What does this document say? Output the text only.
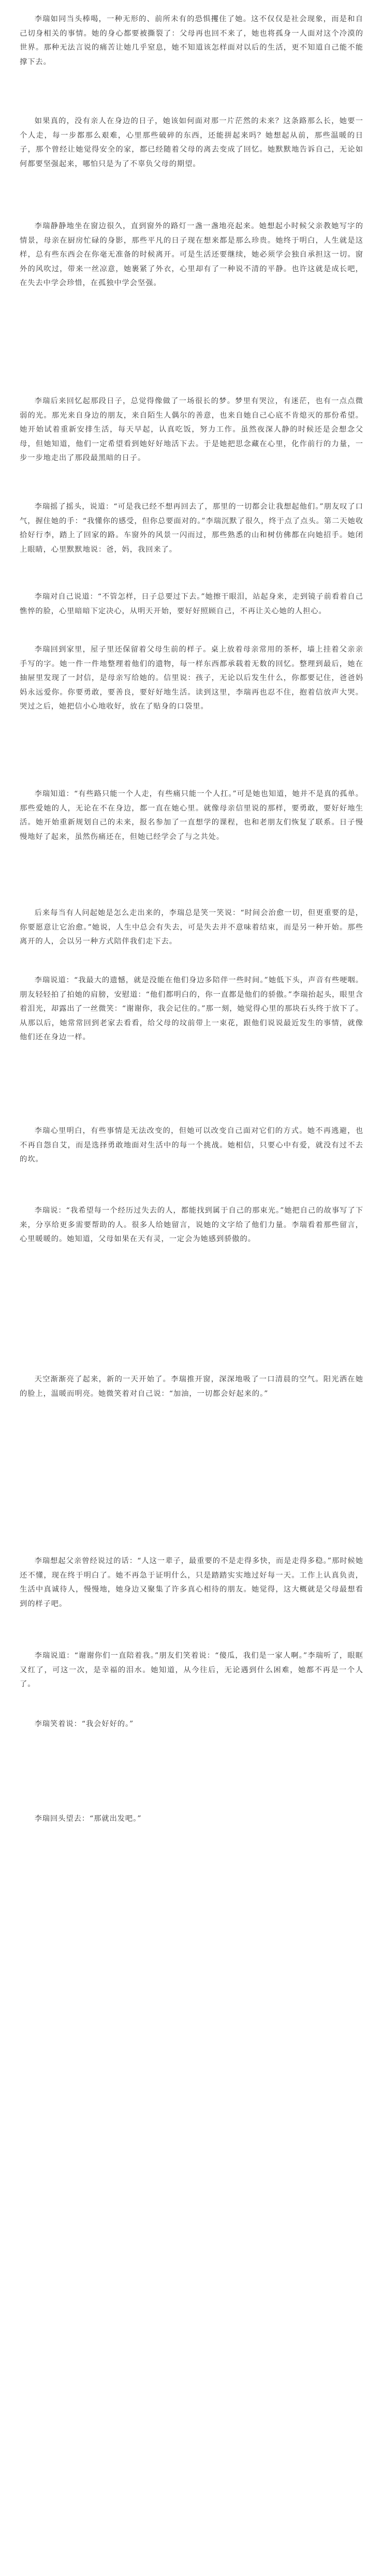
李瑞如同当头棒喝，一种无形的、前所未有的恐惧攫住了她。这不仅仅是社会现象，而是和自己切身相关的事情。她的身心都要被撕裂了：父母再也回不来了，她也将孤身一人面对这个冷漠的世界。那种无法言说的痛苦让她几乎窒息，她不知道该怎样面对以后的生活，更不知道自己能不能撑下去。

如果真的，没有亲人在身边的日子，她该如何面对那一片茫然的未来？这条路那么长，她要一个人走，每一步都那么艰难，心里那些破碎的东西，还能拼起来吗？她想起从前，那些温暖的日子，那个曾经让她觉得安全的家，都已经随着父母的离去变成了回忆。她默默地告诉自己，无论如何都要坚强起来，哪怕只是为了不辜负父母的期望。

李瑞静静地坐在窗边很久，直到窗外的路灯一盏一盏地亮起来。她想起小时候父亲教她写字的情景，母亲在厨房忙碌的身影，那些平凡的日子现在想来都是那么珍贵。她终于明白，人生就是这样，总有些东西会在你毫无准备的时候离开。可是生活还要继续，她必须学会独自承担这一切。窗外的风吹过，带来一丝凉意，她裹紧了外衣，心里却有了一种说不清的平静。也许这就是成长吧，在失去中学会珍惜，在孤独中学会坚强。

李瑞后来回忆起那段日子，总觉得像做了一场很长的梦。梦里有哭泣，有迷茫，也有一点点微弱的光。那光来自身边的朋友，来自陌生人偶尔的善意，也来自她自己心底不肯熄灭的那份希望。她开始试着重新安排生活，每天早起，认真吃饭，努力工作。虽然夜深人静的时候还是会想念父母，但她知道，他们一定希望看到她好好地活下去。于是她把思念藏在心里，化作前行的力量，一步一步地走出了那段最黑暗的日子。

李瑞摇了摇头，说道：“可是我已经不想再回去了，那里的一切都会让我想起他们。”朋友叹了口气，握住她的手：“我懂你的感受，但你总要面对的。”李瑞沉默了很久，终于点了点头。第二天她收拾好行李，踏上了回家的路。车窗外的风景一闪而过，那些熟悉的山和树仿佛都在向她招手。她闭上眼睛，心里默默地说：爸，妈，我回来了。

李瑞对自己说道：“不管怎样，日子总要过下去。”她擦干眼泪，站起身来，走到镜子前看着自己憔悴的脸，心里暗暗下定决心，从明天开始，要好好照顾自己，不再让关心她的人担心。

李瑞回到家里，屋子里还保留着父母生前的样子。桌上放着母亲常用的茶杯，墙上挂着父亲亲手写的字。她一件一件地整理着他们的遗物，每一样东西都承载着无数的回忆。整理到最后，她在抽屉里发现了一封信，是母亲写给她的。信里说：孩子，无论以后发生什么，你都要记住，爸爸妈妈永远爱你。你要勇敢，要善良，要好好地生活。读到这里，李瑞再也忍不住，抱着信放声大哭。哭过之后，她把信小心地收好，放在了贴身的口袋里。

李瑞知道：“有些路只能一个人走，有些痛只能一个人扛。”可是她也知道，她并不是真的孤单。那些爱她的人，无论在不在身边，都一直在她心里。就像母亲信里说的那样，要勇敢，要好好地生活。她开始重新规划自己的未来，报名参加了一直想学的课程，也和老朋友们恢复了联系。日子慢慢地好了起来，虽然伤痛还在，但她已经学会了与之共处。

后来每当有人问起她是怎么走出来的，李瑞总是笑一笑说：“时间会治愈一切，但更重要的是，你要愿意让它治愈。”她说，人生中总会有失去，可是失去并不意味着结束，而是另一种开始。那些离开的人，会以另一种方式陪伴我们走下去。

李瑞说道：“我最大的遗憾，就是没能在他们身边多陪伴一些时间。”她低下头，声音有些哽咽。朋友轻轻拍了拍她的肩膀，安慰道：“他们都明白的，你一直都是他们的骄傲。”李瑞抬起头，眼里含着泪光，却露出了一丝微笑：“谢谢你，我会记住的。”那一刻，她觉得心里的那块石头终于放下了。从那以后，她常常回到老家去看看，给父母的坟前带上一束花，跟他们说说最近发生的事情，就像他们还在身边一样。

李瑞心里明白，有些事情是无法改变的，但她可以改变自己面对它们的方式。她不再逃避，也不再自怨自艾，而是选择勇敢地面对生活中的每一个挑战。她相信，只要心中有爱，就没有过不去的坎。

李瑞说：“我希望每一个经历过失去的人，都能找到属于自己的那束光。”她把自己的故事写了下来，分享给更多需要帮助的人。很多人给她留言，说她的文字给了他们力量。李瑞看着那些留言，心里暖暖的。她知道，父母如果在天有灵，一定会为她感到骄傲的。

天空渐渐亮了起来，新的一天开始了。李瑞推开窗，深深地吸了一口清晨的空气。阳光洒在她的脸上，温暖而明亮。她微笑着对自己说：“加油，一切都会好起来的。”

李瑞想起父亲曾经说过的话：“人这一辈子，最重要的不是走得多快，而是走得多稳。”那时候她还不懂，现在终于明白了。她不再急于证明什么，只是踏踏实实地过好每一天。工作上认真负责，生活中真诚待人，慢慢地，她身边又聚集了许多真心相待的朋友。她觉得，这大概就是父母最想看到的样子吧。

李瑞说道：“谢谢你们一直陪着我。”朋友们笑着说：“傻瓜，我们是一家人啊。”李瑞听了，眼眶又红了，可这一次，是幸福的泪水。她知道，从今往后，无论遇到什么困难，她都不再是一个人了。

李瑞笑着说：“我会好好的。”

李瑞回头望去：“那就出发吧。”
